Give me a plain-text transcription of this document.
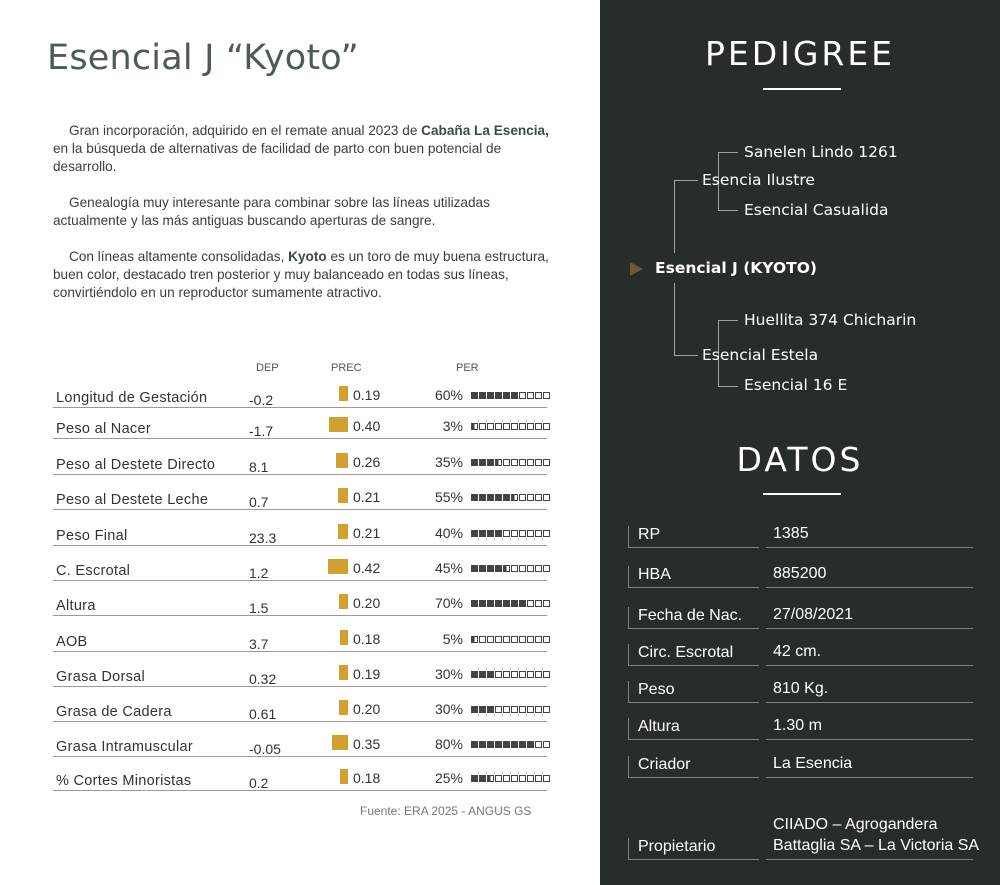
Esencial J “Kyoto”

Gran incorporación, adquirido en el remate anual 2023 de Cabaña La Esencia, en la búsqueda de alternativas de facilidad de parto con buen potencial de desarrollo.

Genealogía muy interesante para combinar sobre las líneas utilizadas actualmente y las más antiguas buscando aperturas de sangre.

Con líneas altamente consolidadas, Kyoto es un toro de muy buena estructura, buen color, destacado tren posterior y muy balanceado en todas sus líneas, convirtiéndolo en un reproductor sumamente atractivo.

DEP	PREC	PER
Longitud de Gestación	-0.2	0.19	60%
Peso al Nacer	-1.7	0.40	3%
Peso al Destete Directo 8.1	0.26	35%
Peso al Destete Leche	0.7	0.21	55%
Peso Final	23.3	0.21	40%
C. Escrotal	1.2	0.42	45%
Altura	1.5	0.20	70%
AOB	3.7	0.18	5%
Grasa Dorsal	0.32	0.19	30%
Grasa de Cadera	0.61	0.20	30%
Grasa Intramuscular	-0.05	0.35	80%
% Cortes Minoristas	0.2	0.18	25%
Fuente: ERA 2025 - ANGUS GS
PEDIGREE
Sanelen Lindo 1261
Esencia Ilustre
Esencial Casualida
Esencial J (KYOTO)
Huellita 374 Chicharin
Esencial Estela
Esencial 16 E
DATOS
RP	1385
HBA	885200
Fecha de Nac. 27/08/2021
Circ. Escrotal 42 cm.
Peso	810 Kg.
Altura	1.30 m
Criador	La Esencia
Propietario
CIIADO – Agrogandera Battaglia SA – La Victoria SA
